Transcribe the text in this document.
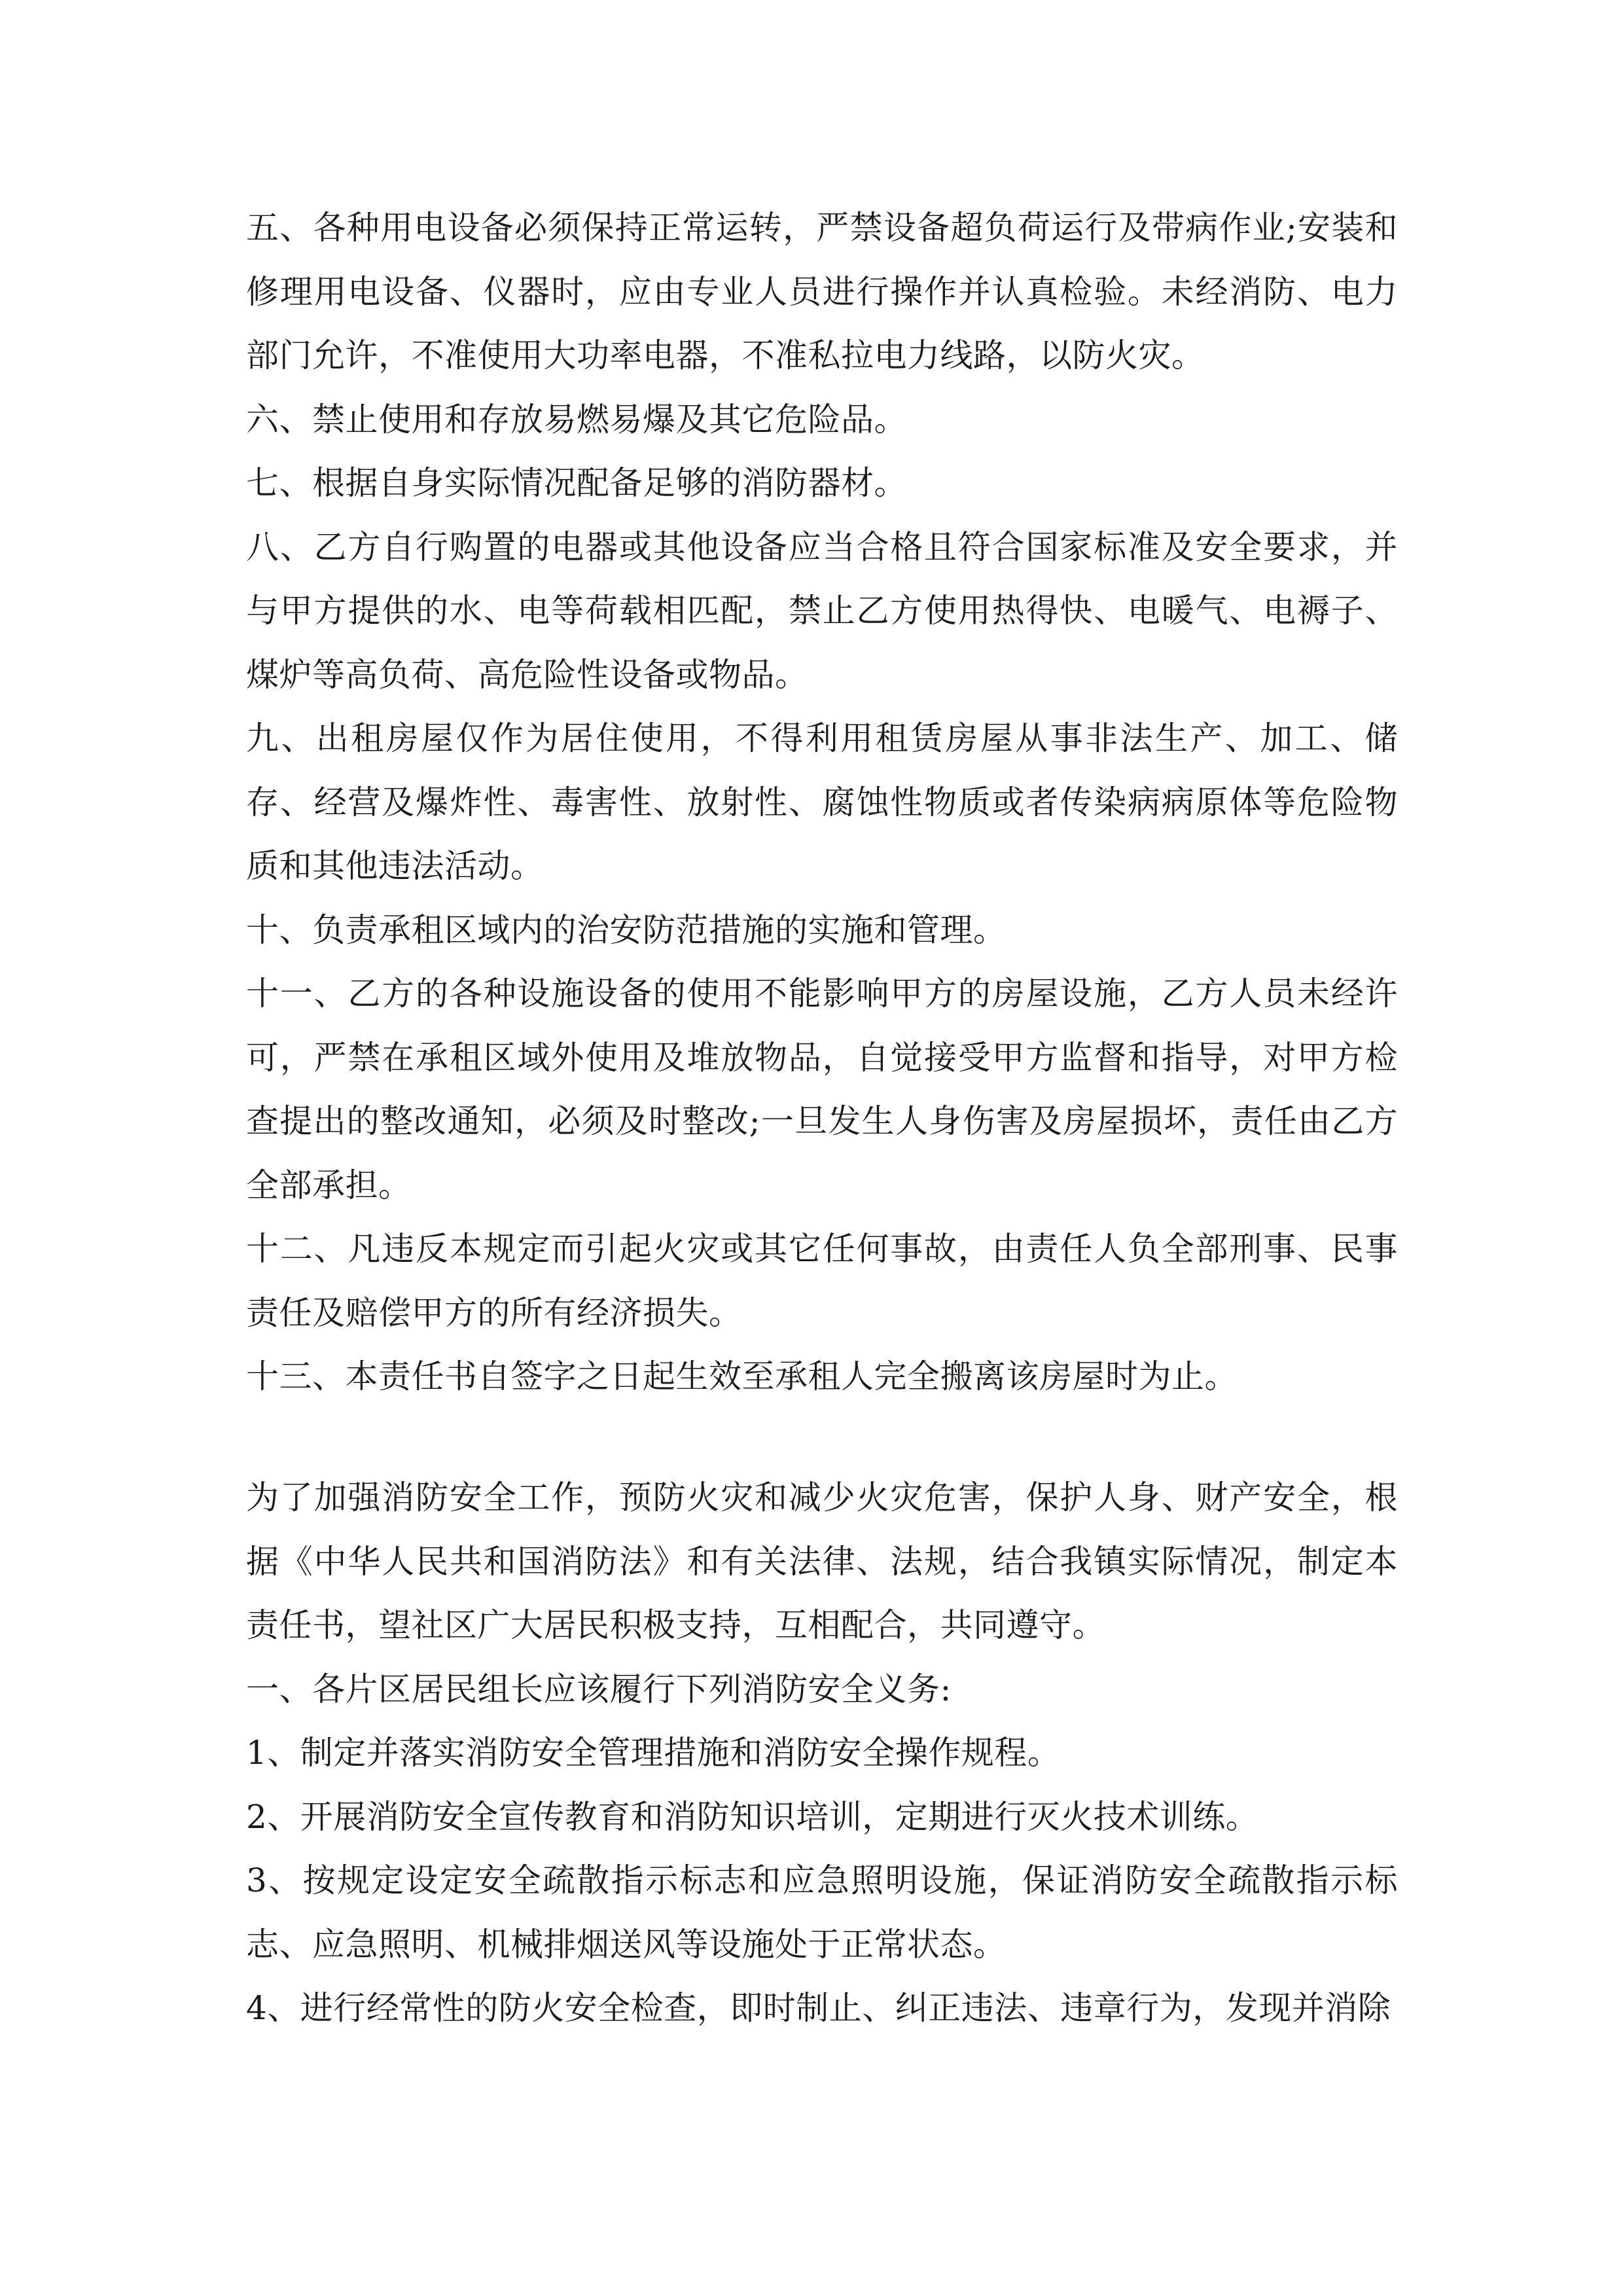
五、各种用电设备必须保持正常运转，严禁设备超负荷运行及带病作业;安装和修理用电设备、仪器时，应由专业人员进行操作并认真检验。未经消防、电力部门允许，不准使用大功率电器，不准私拉电力线路，以防火灾。

六、禁止使用和存放易燃易爆及其它危险品。

七、根据自身实际情况配备足够的消防器材。

八、乙方自行购置的电器或其他设备应当合格且符合国家标准及安全要求，并与甲方提供的水、电等荷载相匹配，禁止乙方使用热得快、电暖气、电褥子、煤炉等高负荷、高危险性设备或物品。

九、出租房屋仅作为居住使用，不得利用租赁房屋从事非法生产、加工、储存、经营及爆炸性、毒害性、放射性、腐蚀性物质或者传染病病原体等危险物质和其他违法活动。

十、负责承租区域内的治安防范措施的实施和管理。

十一、乙方的各种设施设备的使用不能影响甲方的房屋设施，乙方人员未经许可，严禁在承租区域外使用及堆放物品，自觉接受甲方监督和指导，对甲方检查提出的整改通知，必须及时整改;一旦发生人身伤害及房屋损坏，责任由乙方全部承担。

十二、凡违反本规定而引起火灾或其它任何事故，由责任人负全部刑事、民事责任及赔偿甲方的所有经济损失。

十三、本责任书自签字之日起生效至承租人完全搬离该房屋时为止。

为了加强消防安全工作，预防火灾和减少火灾危害，保护人身、财产安全，根据《中华人民共和国消防法》和有关法律、法规，结合我镇实际情况，制定本责任书，望社区广大居民积极支持，互相配合，共同遵守。

一、各片区居民组长应该履行下列消防安全义务:

1、制定并落实消防安全管理措施和消防安全操作规程。

2、开展消防安全宣传教育和消防知识培训，定期进行灭火技术训练。

3、按规定设定安全疏散指示标志和应急照明设施，保证消防安全疏散指示标志、应急照明、机械排烟送风等设施处于正常状态。

4、进行经常性的防火安全检查，即时制止、纠正违法、违章行为，发现并消除
